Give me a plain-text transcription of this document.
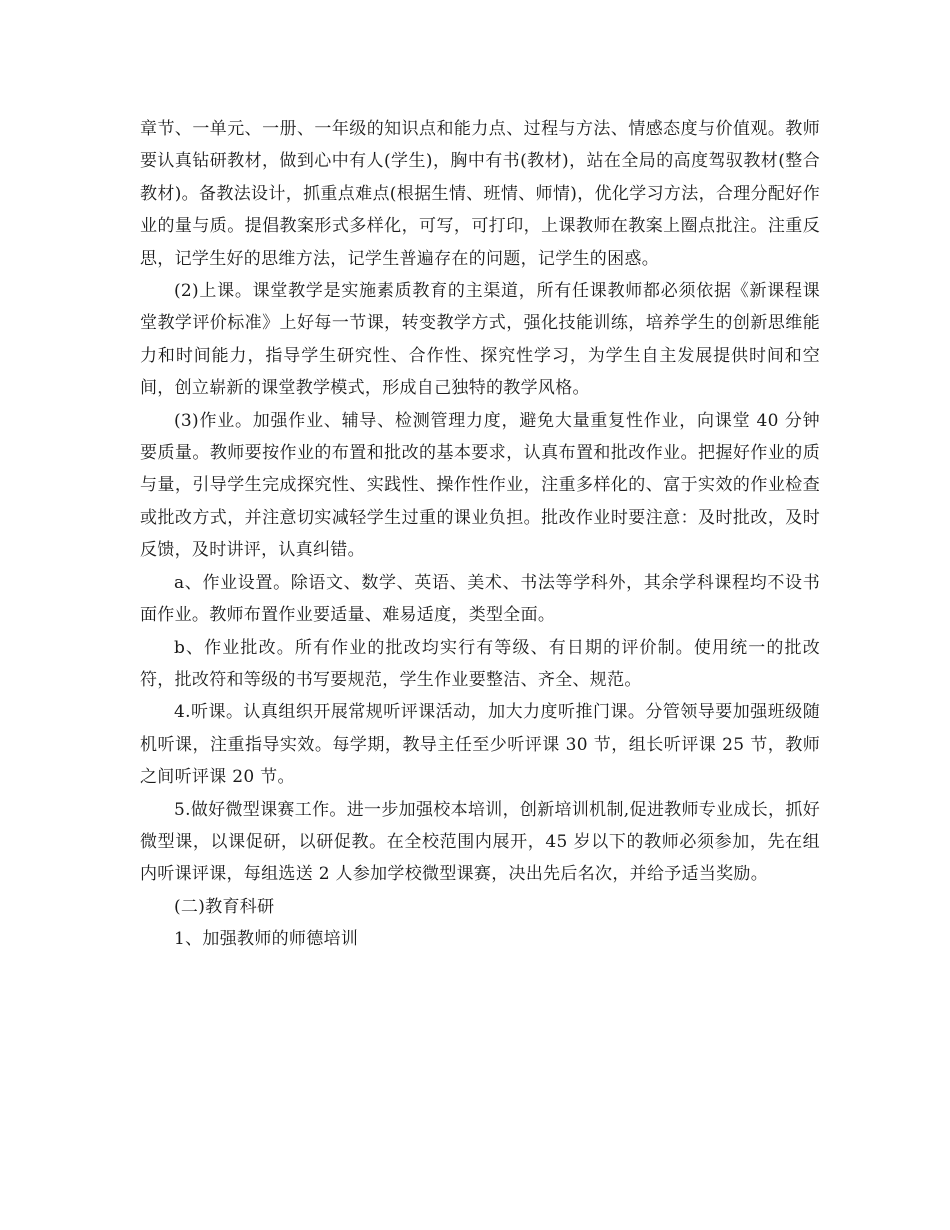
章节、一单元、一册、一年级的知识点和能力点、过程与方法、情感态度与价值观。教师要认真钻研教材，做到心中有人(学生)，胸中有书(教材)，站在全局的高度驾驭教材(整合教材)。备教法设计，抓重点难点(根据生情、班情、师情)，优化学习方法，合理分配好作业的量与质。提倡教案形式多样化，可写，可打印，上课教师在教案上圈点批注。注重反思，记学生好的思维方法，记学生普遍存在的问题，记学生的困惑。

(2)上课。课堂教学是实施素质教育的主渠道，所有任课教师都必须依据《新课程课堂教学评价标准》上好每一节课，转变教学方式，强化技能训练，培养学生的创新思维能力和时间能力，指导学生研究性、合作性、探究性学习，为学生自主发展提供时间和空间，创立崭新的课堂教学模式，形成自己独特的教学风格。

(3)作业。加强作业、辅导、检测管理力度，避免大量重复性作业，向课堂 40 分钟要质量。教师要按作业的布置和批改的基本要求，认真布置和批改作业。把握好作业的质与量，引导学生完成探究性、实践性、操作性作业，注重多样化的、富于实效的作业检查或批改方式，并注意切实减轻学生过重的课业负担。批改作业时要注意：及时批改，及时反馈，及时讲评，认真纠错。

a、作业设置。除语文、数学、英语、美术、书法等学科外，其余学科课程均不设书面作业。教师布置作业要适量、难易适度，类型全面。

b、作业批改。所有作业的批改均实行有等级、有日期的评价制。使用统一的批改符，批改符和等级的书写要规范，学生作业要整洁、齐全、规范。

4.听课。认真组织开展常规听评课活动，加大力度听推门课。分管领导要加强班级随机听课，注重指导实效。每学期，教导主任至少听评课 30 节，组长听评课 25 节，教师之间听评课 20 节。

5.做好微型课赛工作。进一步加强校本培训，创新培训机制,促进教师专业成长，抓好微型课，以课促研，以研促教。在全校范围内展开，45 岁以下的教师必须参加，先在组内听课评课，每组选送 2 人参加学校微型课赛，决出先后名次，并给予适当奖励。

(二)教育科研

1、加强教师的师德培训
